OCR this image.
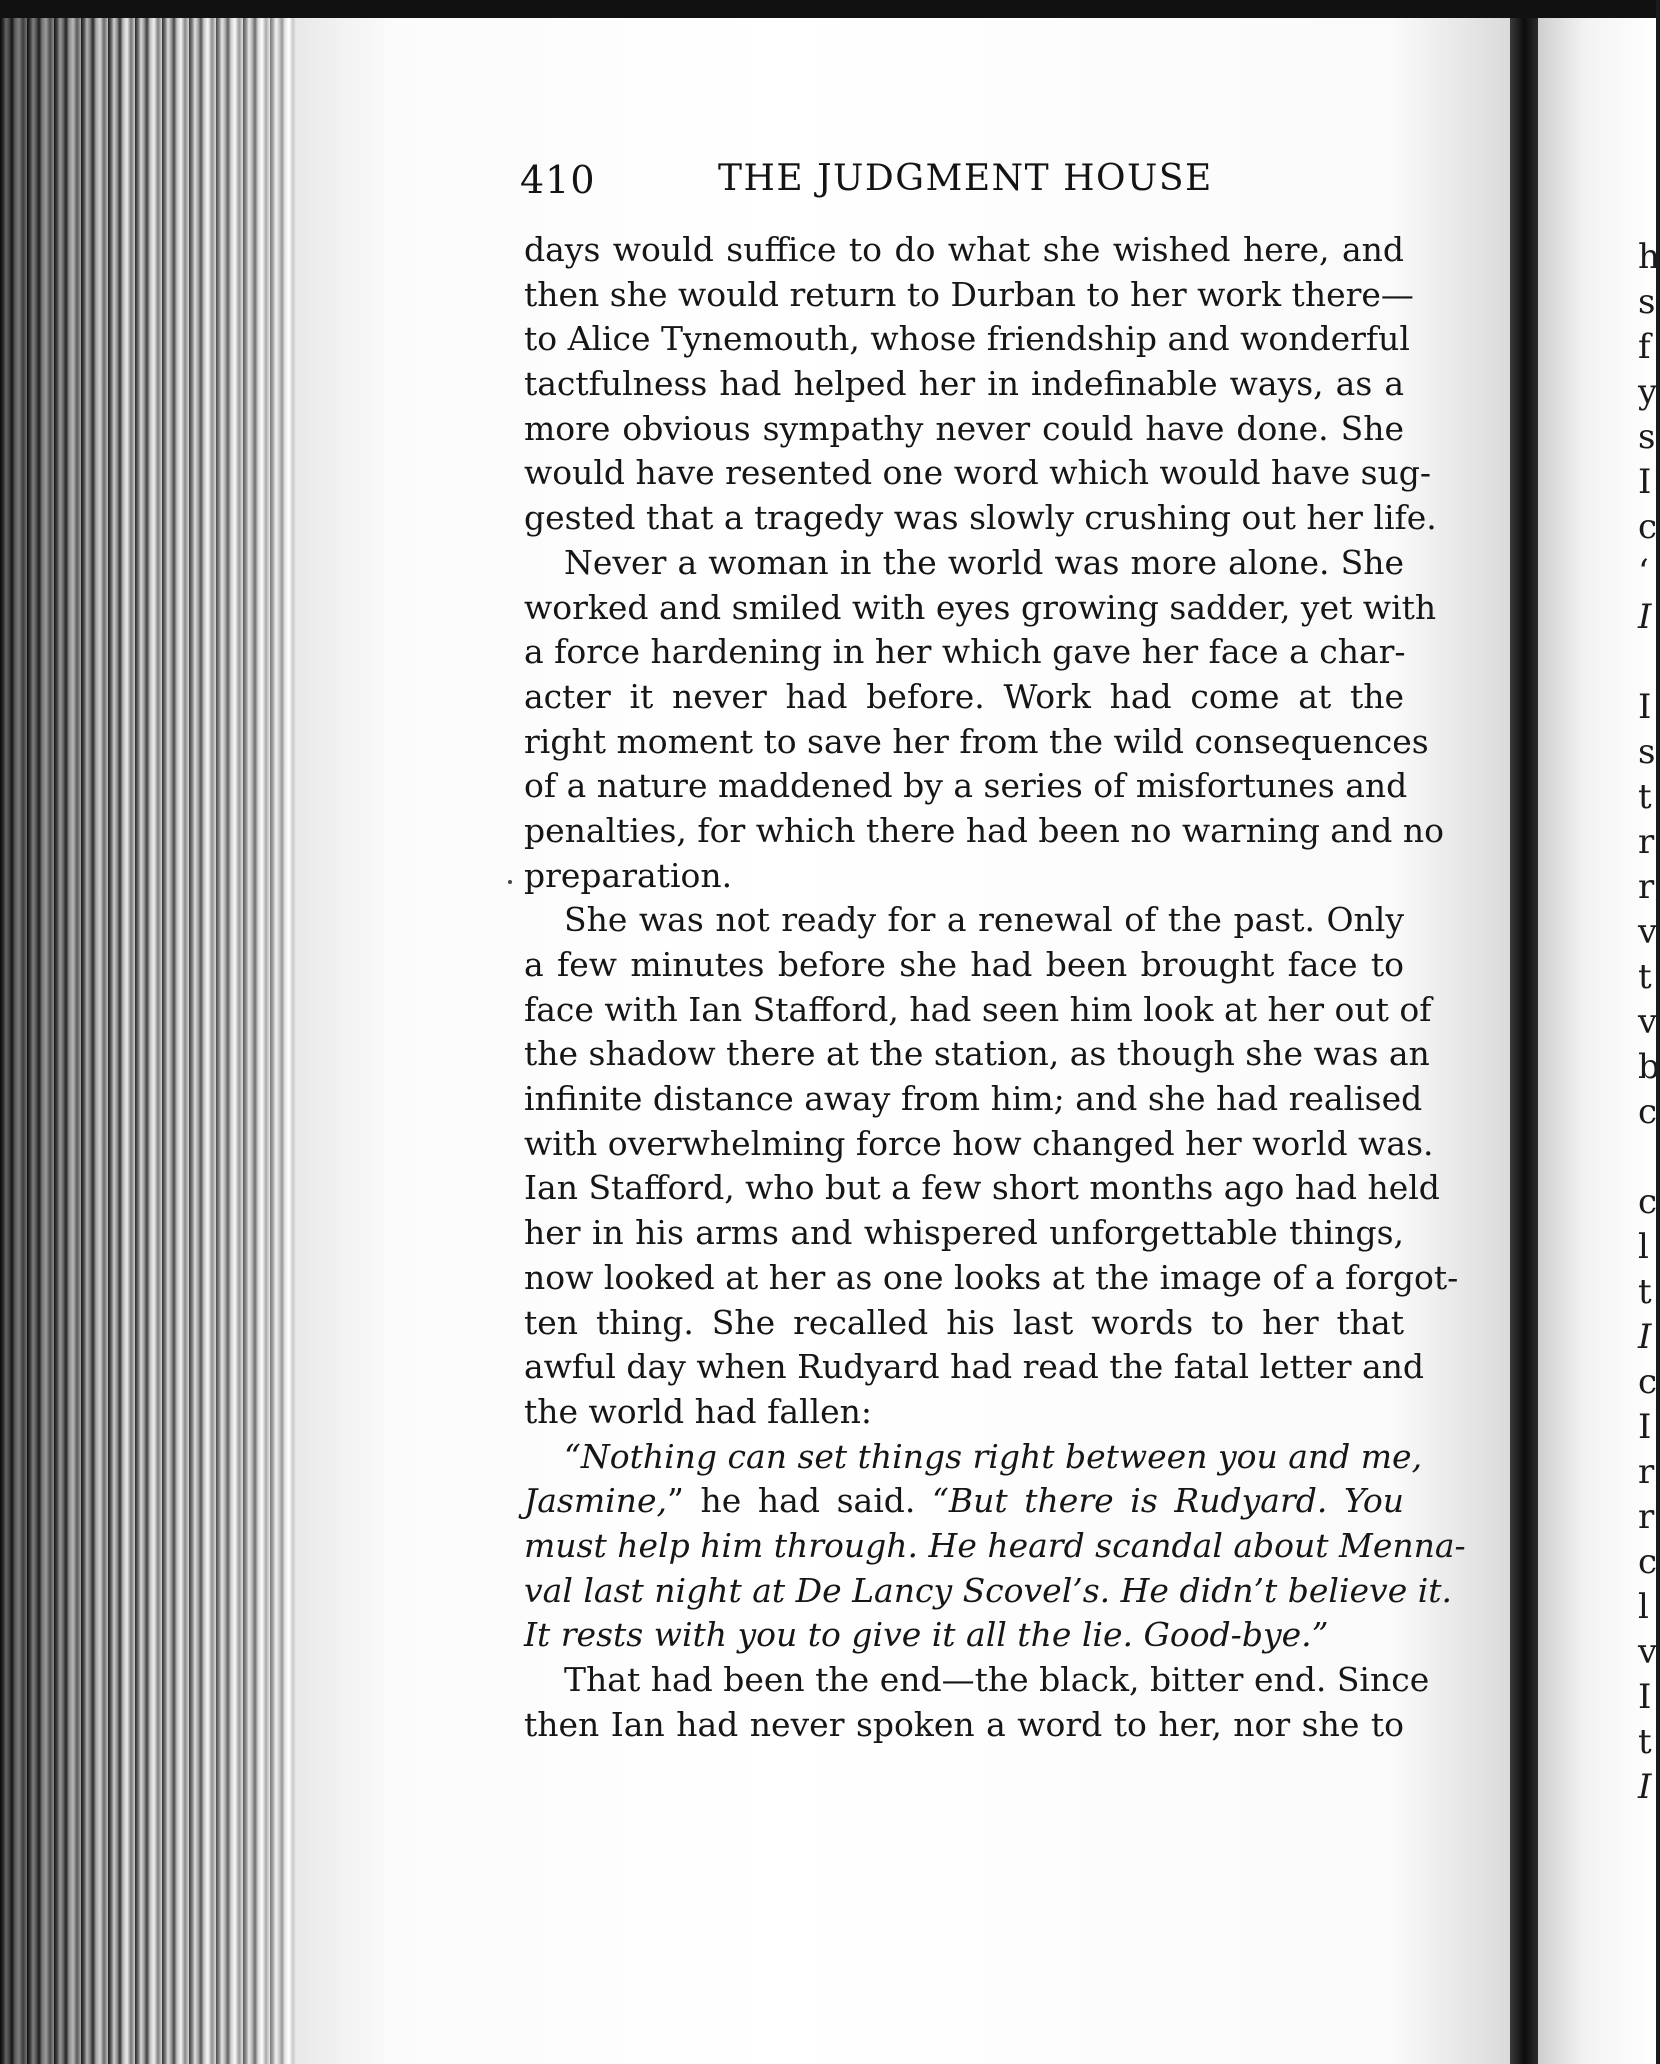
410	THE JUDGMENT HOUSE
days would suffice to do what she wished here, and
then she would return to Durban to her work there—
to Alice Tynemouth, whose friendship and wonderful
tactfulness had helped her in indefinable ways, as a
more obvious sympathy never could have done. She
would have resented one word which would have sug-
gested that a tragedy was slowly crushing out her life.
Never a woman in the world was more alone. She
worked and smiled with eyes growing sadder, yet with
a force hardening in her which gave her face a char-
acter it never had before. Work had come at the
right moment to save her from the wild consequences
of a nature maddened by a series of misfortunes and
penalties, for which there had been no warning and no
preparation.
She was not ready for a renewal of the past. Only
a few minutes before she had been brought face to
face with Ian Stafford, had seen him look at her out of
the shadow there at the station, as though she was an
infinite distance away from him; and she had realised
with overwhelming force how changed her world was.
Ian Stafford, who but a few short months ago had held
her in his arms and whispered unforgettable things,
now looked at her as one looks at the image of a forgot-
ten thing. She recalled his last words to her that
awful day when Rudyard had read the fatal letter and
the world had fallen:
“Nothing can set things right between you and me,
Jasmine,” he had said. “But there is Rudyard. You
must help him through. He heard scandal about Menna-
val last night at De Lancy Scovel’s. He didn’t believe it.
It rests with you to give it all the lie. Good-bye.”
That had been the end—the black, bitter end. Since
then Ian had never spoken a word to her, nor she to
h
s
f
y
s
I
c
‘
I
I
s
t
r
r
v
t
v
b
c
c
l
t
I
c
I
r
r
c
l
v
I
t
I
